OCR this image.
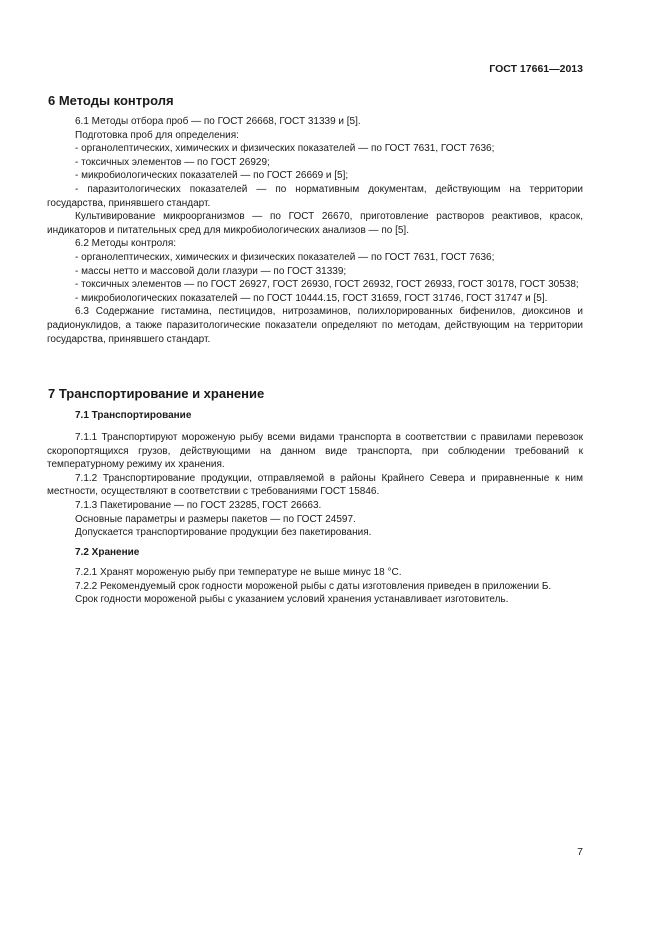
ГОСТ 17661—2013
6 Методы контроля

6.1 Методы отбора проб — по ГОСТ 26668, ГОСТ 31339 и [5].

Подготовка проб для определения:

- органолептических, химических и физических показателей — по ГОСТ 7631, ГОСТ 7636;

- токсичных элементов — по ГОСТ 26929;

- микробиологических показателей — по ГОСТ 26669 и [5];

- паразитологических показателей — по нормативным документам, действующим на территории государства, принявшего стандарт.

Культивирование микроорганизмов — по ГОСТ 26670, приготовление растворов реактивов, красок, индикаторов и питательных сред для микробиологических анализов — по [5].

6.2 Методы контроля:

- органолептических, химических и физических показателей — по ГОСТ 7631, ГОСТ 7636;

- массы нетто и массовой доли глазури — по ГОСТ 31339;

- токсичных элементов — по ГОСТ 26927, ГОСТ 26930, ГОСТ 26932, ГОСТ 26933, ГОСТ 30178, ГОСТ 30538;

- микробиологических показателей — по ГОСТ 10444.15, ГОСТ 31659, ГОСТ 31746, ГОСТ 31747 и [5].

6.3 Содержание гистамина, пестицидов, нитрозаминов, полихлорированных бифенилов, диоксинов и радионуклидов, а также паразитологические показатели определяют по методам, действующим на территории государства, принявшего стандарт.

7 Транспортирование и хранение
7.1 Транспортирование

7.1.1 Транспортируют мороженую рыбу всеми видами транспорта в соответствии с правилами перевозок скоропортящихся грузов, действующими на данном виде транспорта, при соблюдении требований к температурному режиму их хранения.

7.1.2 Транспортирование продукции, отправляемой в районы Крайнего Севера и приравненные к ним местности, осуществляют в соответствии с требованиями ГОСТ 15846.

7.1.3 Пакетирование — по ГОСТ 23285, ГОСТ 26663.

Основные параметры и размеры пакетов — по ГОСТ 24597.

Допускается транспортирование продукции без пакетирования.

7.2 Хранение

7.2.1 Хранят мороженую рыбу при температуре не выше минус 18 °С.

7.2.2 Рекомендуемый срок годности мороженой рыбы с даты изготовления приведен в приложении Б.

Срок годности мороженой рыбы с указанием условий хранения устанавливает изготовитель.

7
